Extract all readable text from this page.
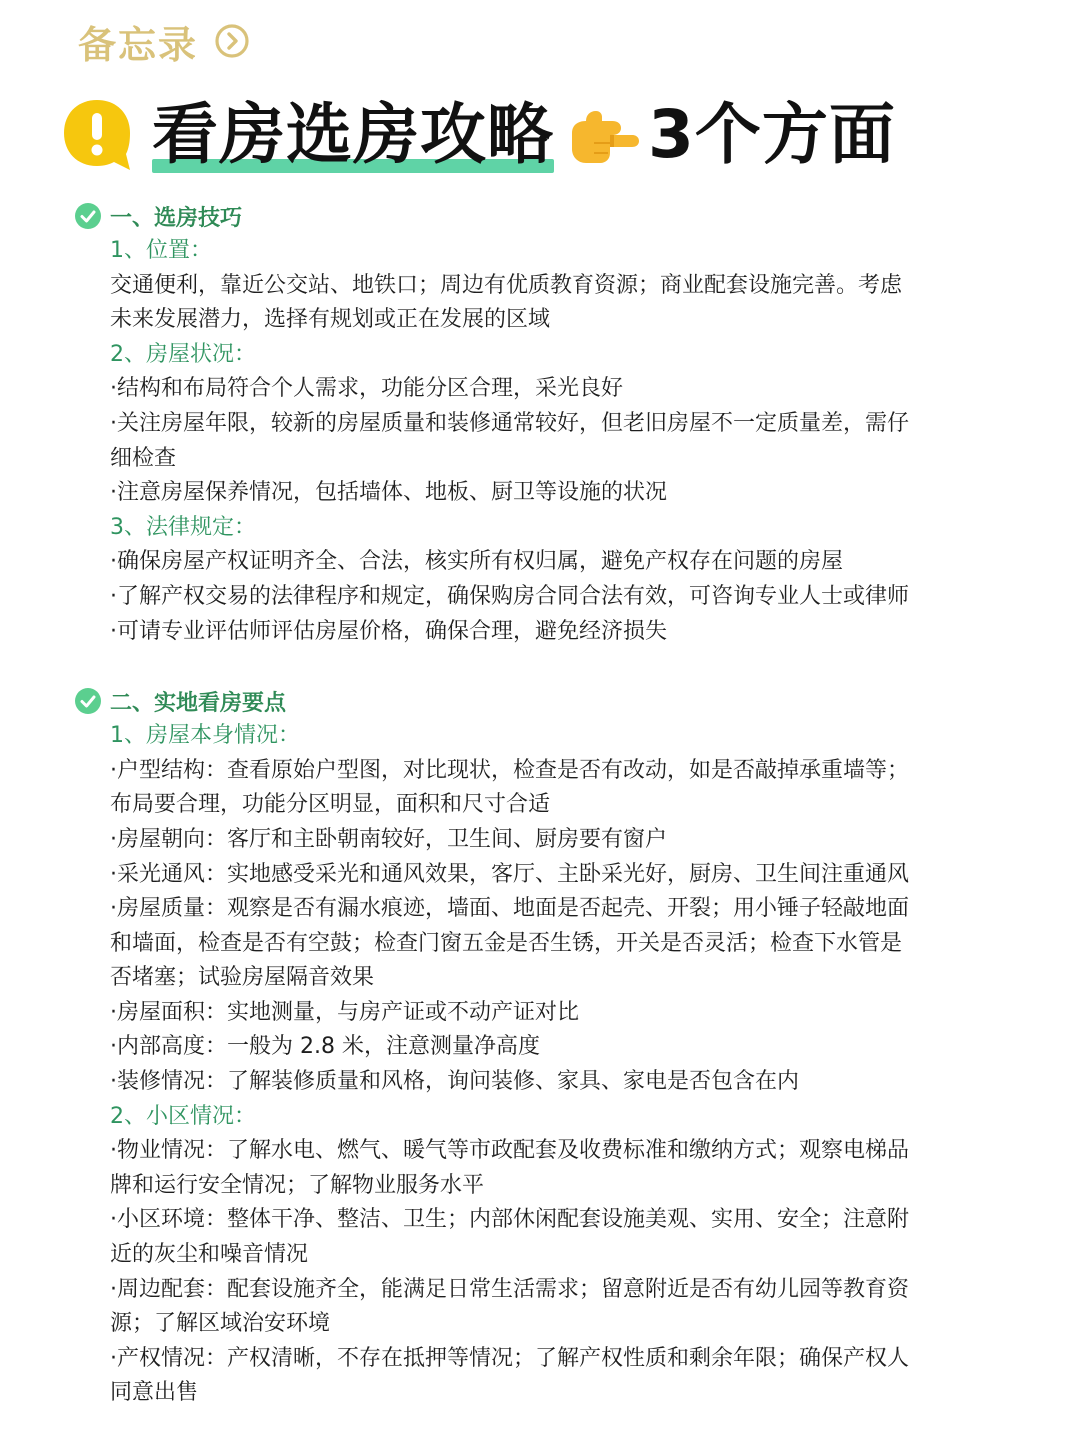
备忘录
看房选房攻略 3个方面
一、选房技巧
1、位置：

交通便利，靠近公交站、地铁口；周边有优质教育资源；商业配套设施完善。考虑

未来发展潜力，选择有规划或正在发展的区域

2、房屋状况：

·结构和布局符合个人需求，功能分区合理，采光良好

·关注房屋年限，较新的房屋质量和装修通常较好，但老旧房屋不一定质量差，需仔

细检查

·注意房屋保养情况，包括墙体、地板、厨卫等设施的状况

3、法律规定：

·确保房屋产权证明齐全、合法，核实所有权归属，避免产权存在问题的房屋

·了解产权交易的法律程序和规定，确保购房合同合法有效，可咨询专业人士或律师

·可请专业评估师评估房屋价格，确保合理，避免经济损失

二、实地看房要点
1、房屋本身情况：

·户型结构：查看原始户型图，对比现状，检查是否有改动，如是否敲掉承重墙等；

布局要合理，功能分区明显，面积和尺寸合适

·房屋朝向：客厅和主卧朝南较好，卫生间、厨房要有窗户

·采光通风：实地感受采光和通风效果，客厅、主卧采光好，厨房、卫生间注重通风

·房屋质量：观察是否有漏水痕迹，墙面、地面是否起壳、开裂；用小锤子轻敲地面

和墙面，检查是否有空鼓；检查门窗五金是否生锈，开关是否灵活；检查下水管是

否堵塞；试验房屋隔音效果

·房屋面积：实地测量，与房产证或不动产证对比

·内部高度：一般为 2.8 米，注意测量净高度

·装修情况：了解装修质量和风格，询问装修、家具、家电是否包含在内

2、小区情况：

·物业情况：了解水电、燃气、暖气等市政配套及收费标准和缴纳方式；观察电梯品

牌和运行安全情况；了解物业服务水平

·小区环境：整体干净、整洁、卫生；内部休闲配套设施美观、实用、安全；注意附

近的灰尘和噪音情况

·周边配套：配套设施齐全，能满足日常生活需求；留意附近是否有幼儿园等教育资

源；了解区域治安环境

·产权情况：产权清晰，不存在抵押等情况；了解产权性质和剩余年限；确保产权人

同意出售
